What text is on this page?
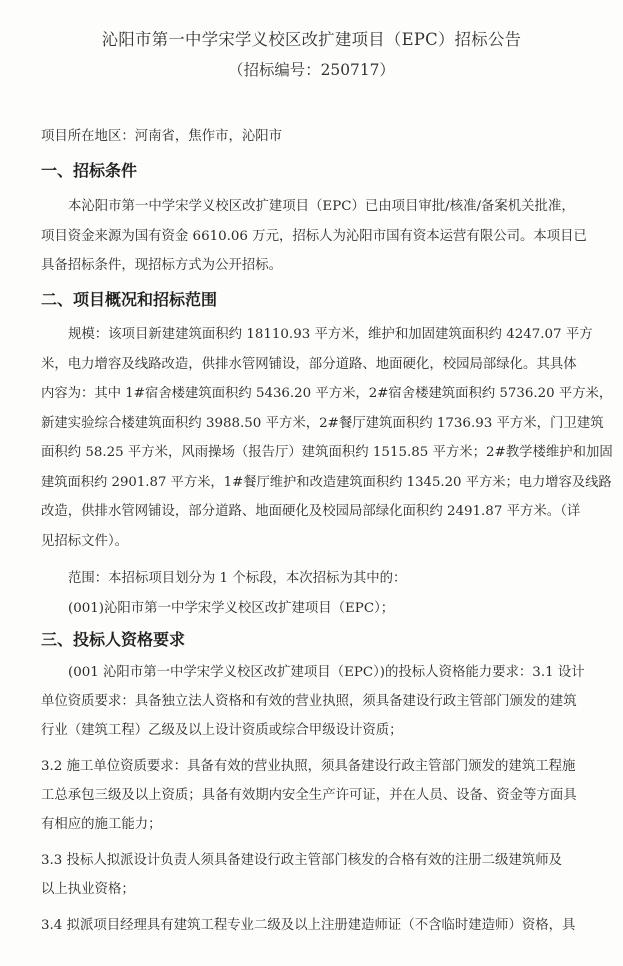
沁阳市第一中学宋学义校区改扩建项目（EPC）招标公告
（招标编号：250717）
项目所在地区：河南省，焦作市，沁阳市
一、招标条件
本沁阳市第一中学宋学义校区改扩建项目（EPC）已由项目审批/核准/备案机关批准，
项目资金来源为国有资金 6610.06 万元，招标人为沁阳市国有资本运营有限公司。本项目已
具备招标条件，现招标方式为公开招标。
二、项目概况和招标范围
规模：该项目新建建筑面积约 18110.93 平方米，维护和加固建筑面积约 4247.07 平方
米，电力增容及线路改造，供排水管网铺设，部分道路、地面硬化，校园局部绿化。其具体
内容为：其中 1#宿舍楼建筑面积约 5436.20 平方米，2#宿舍楼建筑面积约 5736.20 平方米，
新建实验综合楼建筑面积约 3988.50 平方米，2#餐厅建筑面积约 1736.93 平方米，门卫建筑
面积约 58.25 平方米，风雨操场（报告厅）建筑面积约 1515.85 平方米；2#教学楼维护和加固
建筑面积约 2901.87 平方米，1#餐厅维护和改造建筑面积约 1345.20 平方米；电力增容及线路
改造，供排水管网铺设，部分道路、地面硬化及校园局部绿化面积约 2491.87 平方米。（详
见招标文件）。
范围：本招标项目划分为 1 个标段，本次招标为其中的：
(001)沁阳市第一中学宋学义校区改扩建项目（EPC）；
三、投标人资格要求
(001 沁阳市第一中学宋学义校区改扩建项目（EPC）)的投标人资格能力要求：3.1 设计
单位资质要求：具备独立法人资格和有效的营业执照，须具备建设行政主管部门颁发的建筑
行业（建筑工程）乙级及以上设计资质或综合甲级设计资质；
3.2 施工单位资质要求：具备有效的营业执照，须具备建设行政主管部门颁发的建筑工程施
工总承包三级及以上资质；具备有效期内安全生产许可证，并在人员、设备、资金等方面具
有相应的施工能力；
3.3 投标人拟派设计负责人须具备建设行政主管部门核发的合格有效的注册二级建筑师及
以上执业资格；
3.4 拟派项目经理具有建筑工程专业二级及以上注册建造师证（不含临时建造师）资格，具
